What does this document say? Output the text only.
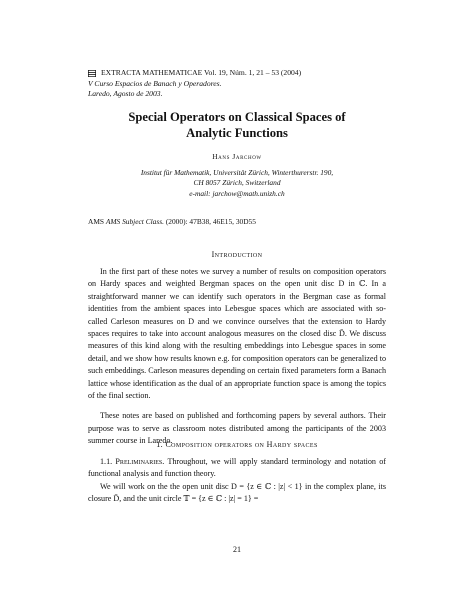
EXTRACTA MATHEMATICAE Vol. 19, Núm. 1, 21 – 53 (2004)
V Curso Espacios de Banach y Operadores.
Laredo, Agosto de 2003.
Special Operators on Classical Spaces of
Analytic Functions
Hans Jarchow
Institut für Mathematik, Universität Zürich, Winterthurerstr. 190,
CH 8057 Zürich, Switzerland
e-mail: jarchow@math.unizh.ch
AMS AMS Subject Class. (2000): 47B38, 46E15, 30D55
Introduction

In the first part of these notes we survey a number of results on composition operators on Hardy spaces and weighted Bergman spaces on the open unit disc D in ℂ. In a straightforward manner we can identify such operators in the Bergman case as formal identities from the ambient spaces into Lebesgue spaces which are associated with so-called Carleson measures on D and we convince ourselves that the extension to Hardy spaces requires to take into account analogous measures on the closed disc D̄. We discuss measures of this kind along with the resulting embeddings into Lebesgue spaces in some detail, and we show how results known e.g. for composition operators can be generalized to such embeddings. Carleson measures depending on certain fixed parameters form a Banach lattice whose identification as the dual of an appropriate function space is among the topics of the final section.

These notes are based on published and forthcoming papers by several authors. Their purpose was to serve as classroom notes distributed among the participants of the 2003 summer course in Laredo.

1. Composition operators on Hardy spaces

1.1. Preliminaries. Throughout, we will apply standard terminology and notation of functional analysis and function theory.

We will work on the the open unit disc D = {z ∈ ℂ : |z| < 1} in the complex plane, its closure D̄, and the unit circle 𝕋 = {z ∈ ℂ : |z| = 1} =

21
